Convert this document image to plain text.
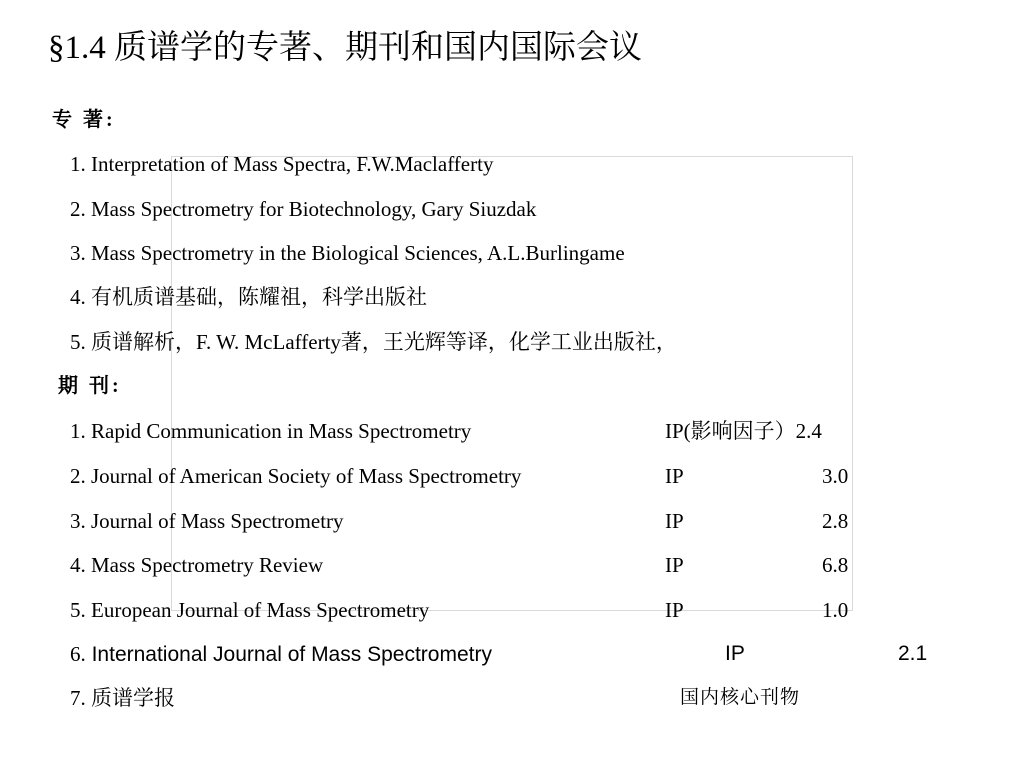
§1.4 质谱学的专著、期刊和国内国际会议
专 著:
1. Interpretation of Mass Spectra, F.W.Maclafferty
2. Mass Spectrometry for Biotechnology, Gary Siuzdak
3. Mass Spectrometry in the Biological Sciences, A.L.Burlingame
4. 有机质谱基础，陈耀祖，科学出版社
5. 质谱解析，F. W. McLafferty著，王光辉等译，化学工业出版社，
期 刊:
1. Rapid Communication in Mass Spectrometry	IP(影响因子）2.4
2. Journal of American Society of Mass Spectrometry	IP	3.0
3. Journal of Mass Spectrometry	IP	2.8
4. Mass Spectrometry Review	IP	6.8
5. European Journal of Mass Spectrometry	IP	1.0
6. International Journal of Mass Spectrometry	IP	2.1
7. 质谱学报	国内核心刊物
